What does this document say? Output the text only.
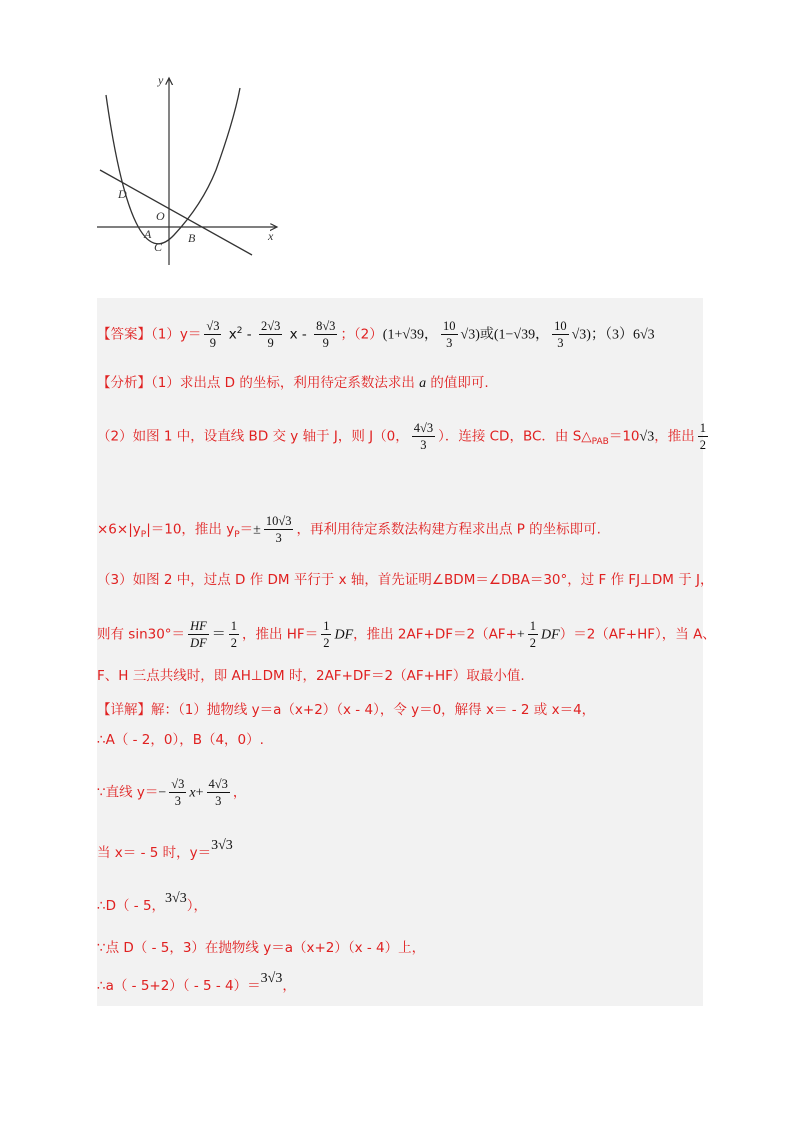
x
y
D
O
A	B
C
【答案】$(1)y= \frac{√3}{9} x^2 - \frac{2√3}{9}$ x - $\frac{8√3}{9}$ ；（2）(1+√39， $\frac{10}{3} √3$)或(1−√39， $\frac{10}{3} √3$)；（3）6√3
【分析】（1）求出点 D 的坐标，利用待定系数法求出 a 的值即可.
（2）如图 1 中，设直线 BD 交 y 轴于 J，则 J（0， $\frac{4√3}{3}$ ）．连接 CD，BC．由 $S\triangle_{PAB}=10√3$，推出 $\frac{1}{2}$
$\times 6\times|y_P|=10$，推出 $y_P=\pm \frac{10√3}{3}$ ，再利用待定系数法构建方程求出点 P 的坐标即可.
（3）如图 2 中，过点 D 作 DM 平行于 x 轴，首先证明∠BDM＝∠DBA＝30°，过 F 作 FJ⊥DM 于 J，
则有 $\sin 30^\circ= \frac{HF}{DF} = \frac{1}{2}$ ，推出 $HF= \frac{1}{2}$ DF，推出 $2AF+DF=2(AF++ \frac{1}{2} DF)=2(AF+HF)$，当 A、
F、H 三点共线时，即 AH⊥DM 时，2AF+DF＝2（AF+HF）取最小值.
【详解】解：（1）抛物线 y＝a（x+2）（x - 4），令 y＝0，解得 x＝ - 2 或 x＝4，
∴A（ - 2，0），B（4，0）.
∵直线 $y=- \frac{√3}{3} x+ \frac{4√3}{3}$ ，
当 x＝ - 5 时，y＝3√3
∴D（ - 5，3√3），
∵点 D（ - 5，3）在抛物线 y＝a（x+2）（x - 4）上，
∴a（ - 5+2）（ - 5 - 4）＝3√3，
